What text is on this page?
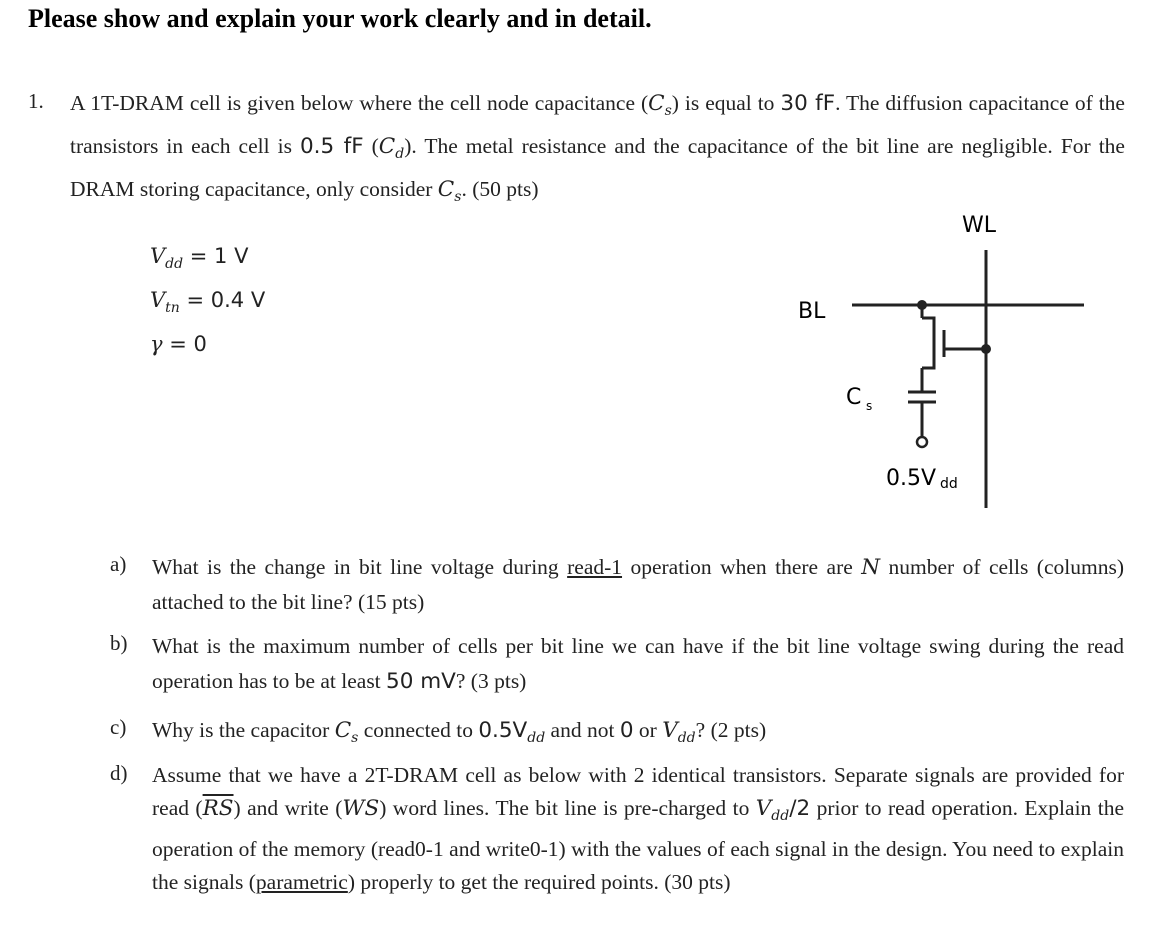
Please show and explain your work clearly and in detail.
1. A 1T-DRAM cell is given below where the cell node capacitance $(C_s)$ is equal to 30 fF. The diffusion capacitance of the transistors in each cell is 0.5 fF $(C_d)$. The metal resistance and the capacitance of the bit line are negligible. For the DRAM storing capacitance, only consider $C_s$. (50 pts)
$V_{dd} = 1$ V
$V_{tn} = 0.4$ V
γ = 0
WL
BL
C s
0.5V dd
a) What is the change in bit line voltage during read-1 operation when there are N number of cells (columns) attached to the bit line? (15 pts)
b) What is the maximum number of cells per bit line we can have if the bit line voltage swing during the read operation has to be at least 50 mV? (3 pts)
c) Why is the capacitor $C_s$ connected to $0.5V_{dd}$ and not 0 or $V_{dd}$? (2 pts)
d) Assume that we have a 2T-DRAM cell as below with 2 identical transistors. Separate signals are provided for read $(\overline{RS})$ and write (WS) word lines. The bit line is pre-charged to $V_{dd}/2$ prior to read operation. Explain the operation of the memory (read0-1 and write0-1) with the values of each signal in the design. You need to explain the signals (parametric) properly to get the required points. (30 pts)
